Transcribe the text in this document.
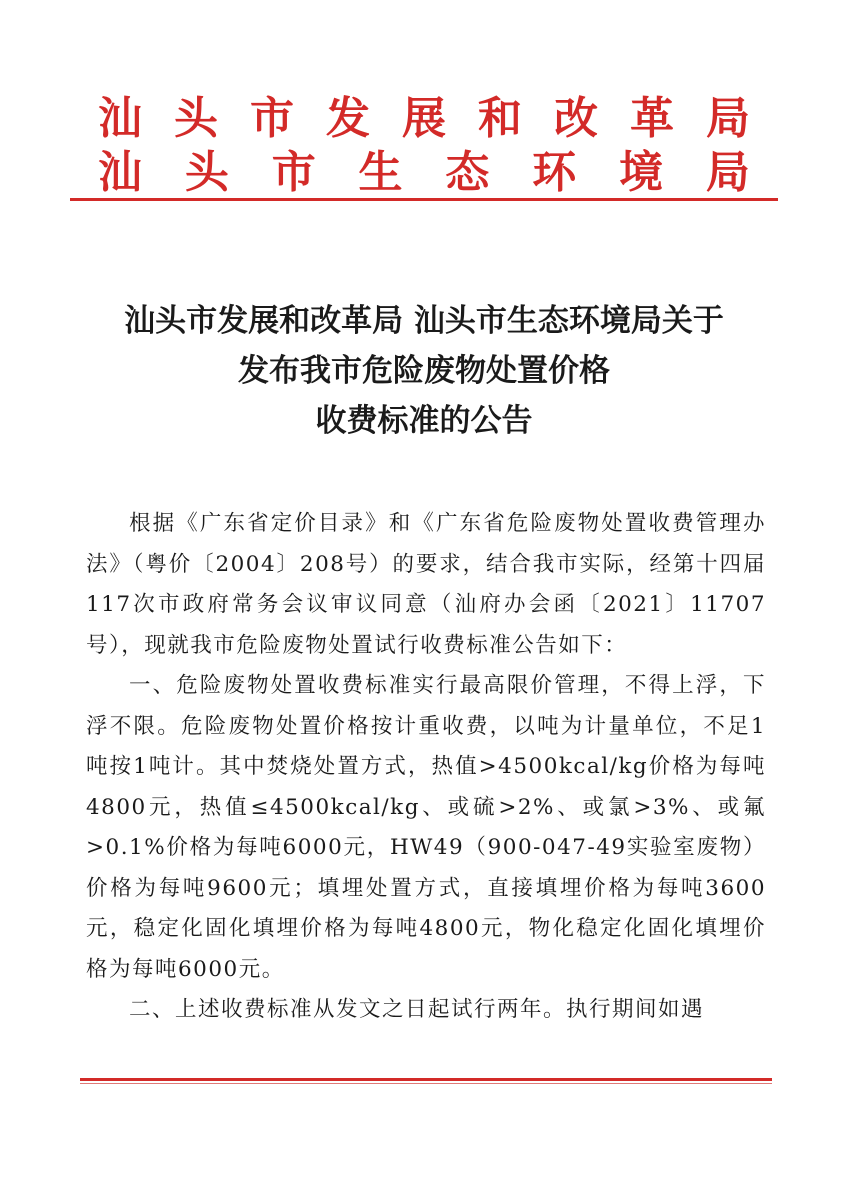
汕 头 市 发 展 和 改 革 局
汕 头 市 生 态 环 境 局
汕头市发展和改革局 汕头市生态环境局关于
发布我市危险废物处置价格
收费标准的公告

根据《广东省定价目录》和《广东省危险废物处置收费管理办法》（粤价〔2004〕208号）的要求，结合我市实际，经第十四届117次市政府常务会议审议同意（汕府办会函〔2021〕11707号），现就我市危险废物处置试行收费标准公告如下：

一、危险废物处置收费标准实行最高限价管理，不得上浮，下浮不限。危险废物处置价格按计重收费，以吨为计量单位，不足1吨按1吨计。其中焚烧处置方式，热值>4500kcal/kg价格为每吨4800元，热值≤4500kcal/kg、或硫>2%、或氯>3%、或氟>0.1%价格为每吨6000元，HW49（900-047-49实验室废物）价格为每吨9600元；填埋处置方式，直接填埋价格为每吨3600元，稳定化固化填埋价格为每吨4800元，物化稳定化固化填埋价格为每吨6000元。

二、上述收费标准从发文之日起试行两年。执行期间如遇
